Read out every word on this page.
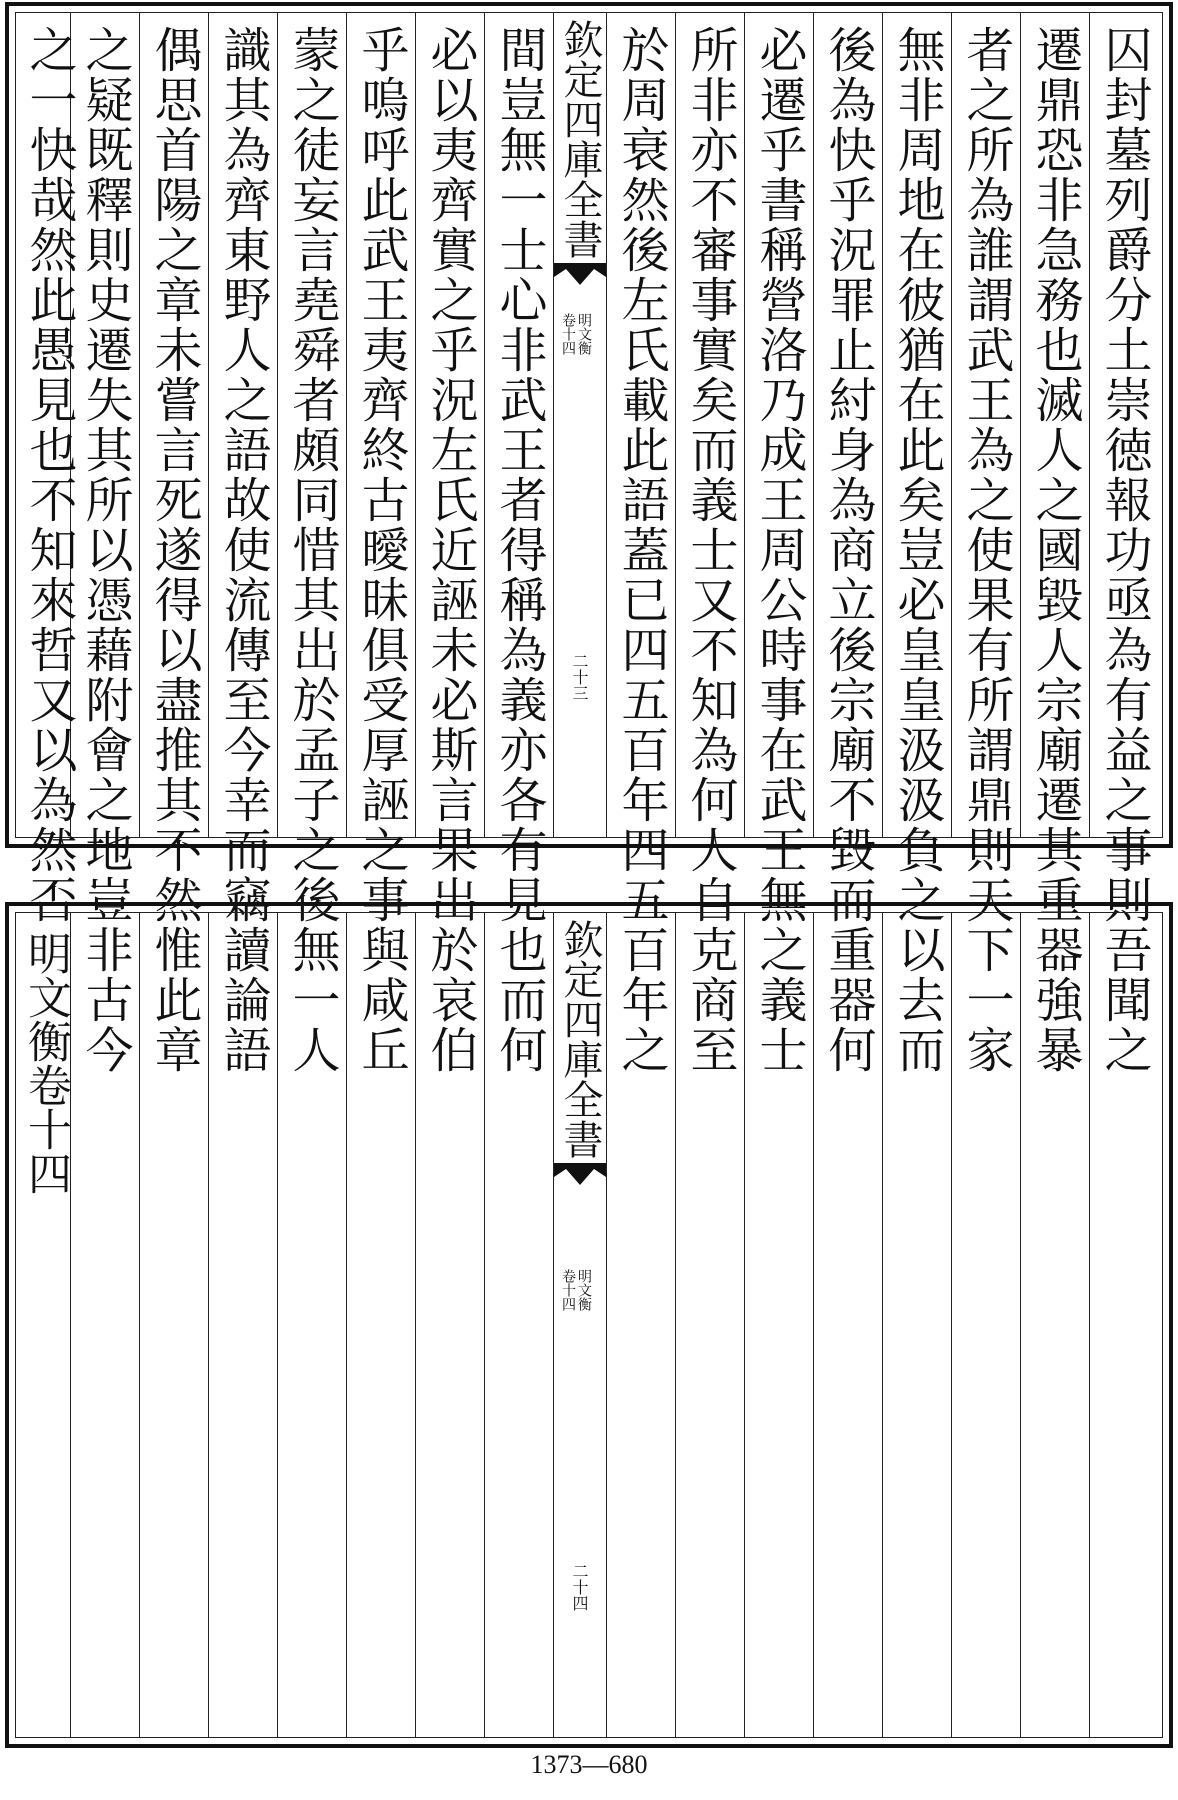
囚封墓列爵分土崇徳報功亟為有益之事則吾聞之
遷鼎恐非急務也滅人之國毀人宗廟遷其重器強暴
者之所為誰謂武王為之使果有所謂鼎則天下一家
無非周地在彼猶在此矣豈必皇皇汲汲負之以去而
後為快乎況罪止紂身為商立後宗廟不毀而重器何
必遷乎書稱營洛乃成王周公時事在武王無之義士
所非亦不審事實矣而義士又不知為何人自克商至
於周衰然後左氏載此語蓋已四五百年四五百年之
欽定四庫全書
卷十四 明文衡
二十三
間豈無一士心非武王者得稱為義亦各有見也而何
必以夷齊實之乎況左氏近誣未必斯言果出於哀伯
乎嗚呼此武王夷齊終古曖昧俱受厚誣之事與咸丘
蒙之徒妄言堯舜者頗同惜其出於孟子之後無一人
識其為齊東野人之語故使流傳至今幸而竊讀論語
偶思首陽之章未嘗言死遂得以盡推其不然惟此章
之疑既釋則史遷失其所以憑藉附會之地豈非古今
之一快哉然此愚見也不知來哲又以為然否
欽定四庫全書
卷十四 明文衡
二十四
明文衡卷十四
1373—680
